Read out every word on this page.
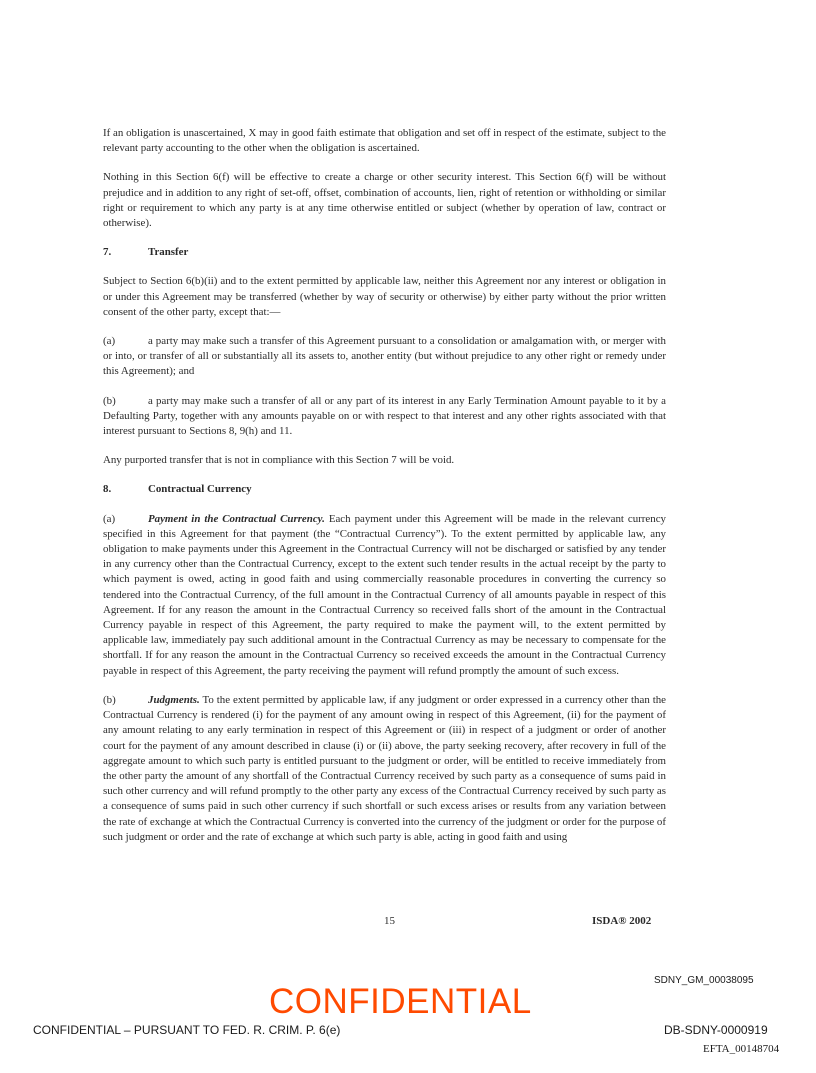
If an obligation is unascertained, X may in good faith estimate that obligation and set off in respect of the estimate, subject to the relevant party accounting to the other when the obligation is ascertained.

Nothing in this Section 6(f) will be effective to create a charge or other security interest. This Section 6(f) will be without prejudice and in addition to any right of set-off, offset, combination of accounts, lien, right of retention or withholding or similar right or requirement to which any party is at any time otherwise entitled or subject (whether by operation of law, contract or otherwise).

7.	Transfer

Subject to Section 6(b)(ii) and to the extent permitted by applicable law, neither this Agreement nor any interest or obligation in or under this Agreement may be transferred (whether by way of security or otherwise) by either party without the prior written consent of the other party, except that:—

(a)	a party may make such a transfer of this Agreement pursuant to a consolidation or amalgamation with, or merger with or into, or transfer of all or substantially all its assets to, another entity (but without prejudice to any other right or remedy under this Agreement); and

(b)	a party may make such a transfer of all or any part of its interest in any Early Termination Amount payable to it by a Defaulting Party, together with any amounts payable on or with respect to that interest and any other rights associated with that interest pursuant to Sections 8, 9(h) and 11.

Any purported transfer that is not in compliance with this Section 7 will be void.

8.	Contractual Currency

(a)	Payment in the Contractual Currency. Each payment under this Agreement will be made in the relevant currency specified in this Agreement for that payment (the “Contractual Currency”). To the extent permitted by applicable law, any obligation to make payments under this Agreement in the Contractual Currency will not be discharged or satisfied by any tender in any currency other than the Contractual Currency, except to the extent such tender results in the actual receipt by the party to which payment is owed, acting in good faith and using commercially reasonable procedures in converting the currency so tendered into the Contractual Currency, of the full amount in the Contractual Currency of all amounts payable in respect of this Agreement. If for any reason the amount in the Contractual Currency so received falls short of the amount in the Contractual Currency payable in respect of this Agreement, the party required to make the payment will, to the extent permitted by applicable law, immediately pay such additional amount in the Contractual Currency as may be necessary to compensate for the shortfall. If for any reason the amount in the Contractual Currency so received exceeds the amount in the Contractual Currency payable in respect of this Agreement, the party receiving the payment will refund promptly the amount of such excess.

(b)	Judgments. To the extent permitted by applicable law, if any judgment or order expressed in a currency other than the Contractual Currency is rendered (i) for the payment of any amount owing in respect of this Agreement, (ii) for the payment of any amount relating to any early termination in respect of this Agreement or (iii) in respect of a judgment or order of another court for the payment of any amount described in clause (i) or (ii) above, the party seeking recovery, after recovery in full of the aggregate amount to which such party is entitled pursuant to the judgment or order, will be entitled to receive immediately from the other party the amount of any shortfall of the Contractual Currency received by such party as a consequence of sums paid in such other currency and will refund promptly to the other party any excess of the Contractual Currency received by such party as a consequence of sums paid in such other currency if such shortfall or such excess arises or results from any variation between the rate of exchange at which the Contractual Currency is converted into the currency of the judgment or order for the purpose of such judgment or order and the rate of exchange at which such party is able, acting in good faith and using

15	ISDA® 2002
SDNY_GM_00038095
CONFIDENTIAL
CONFIDENTIAL – PURSUANT TO FED. R. CRIM. P. 6(e)	DB-SDNY-0000919
EFTA_00148704
